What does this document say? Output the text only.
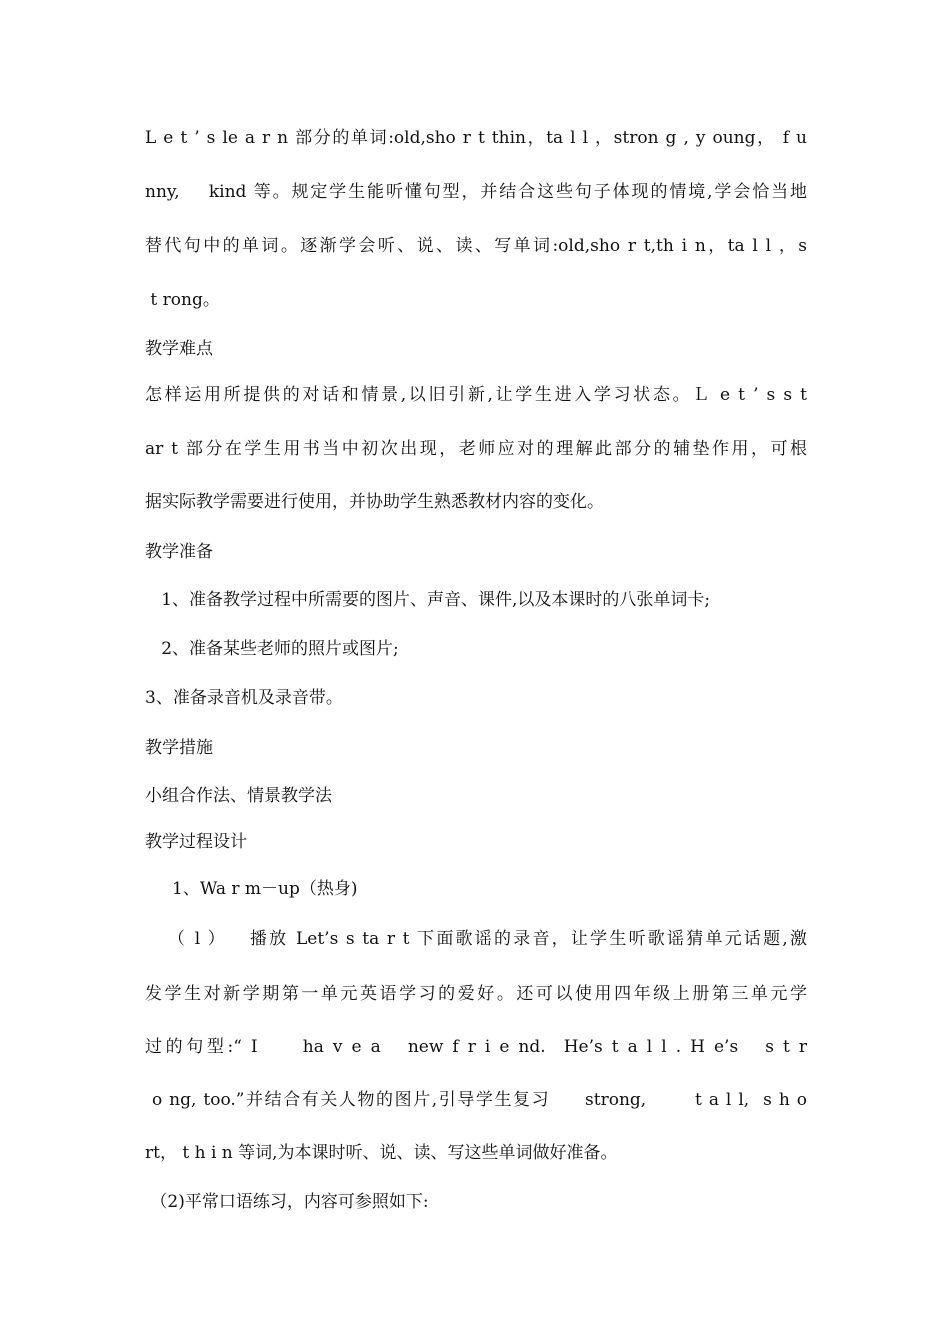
L e t ’ s le a r n 部分的单词:old,sho r t thin，ta l l ，stron g , y oung， f u
nny,    kind 等。规定学生能听懂句型，并结合这些句子体现的情境,学会恰当地
替代句中的单词。逐渐学会听、说、读、写单词:old,sho r t,th i n，ta l l ，s
t rong。
教学难点
怎样运用所提供的对话和情景,以旧引新,让学生进入学习状态。Ｌ e t ’ s s t
ar t 部分在学生用书当中初次出现，老师应对的理解此部分的辅垫作用，可根
据实际教学需要进行使用，并协助学生熟悉教材内容的变化。
教学准备
1、准备教学过程中所需要的图片、声音、课件,以及本课时的八张单词卡;
2、准备某些老师的照片或图片;
3、准备录音机及录音带。
教学措施
小组合作法、情景教学法
教学过程设计
1、Wa r m－up（热身)
（ l ）   播放 Let’s s ta r t 下面歌谣的录音，让学生听歌谣猜单元话题,激
发学生对新学期第一单元英语学习的爱好。还可以使用四年级上册第三单元学
过的句型:“ I     ha v e a   new f r i e nd.  He’s t a l l . H e’s   s t r
o ng, too.”并结合有关人物的图片,引导学生复习     strong,       t a l l,  s h o
rt， t h i n 等词,为本课时听、说、读、写这些单词做好准备。
（2)平常口语练习，内容可参照如下:
